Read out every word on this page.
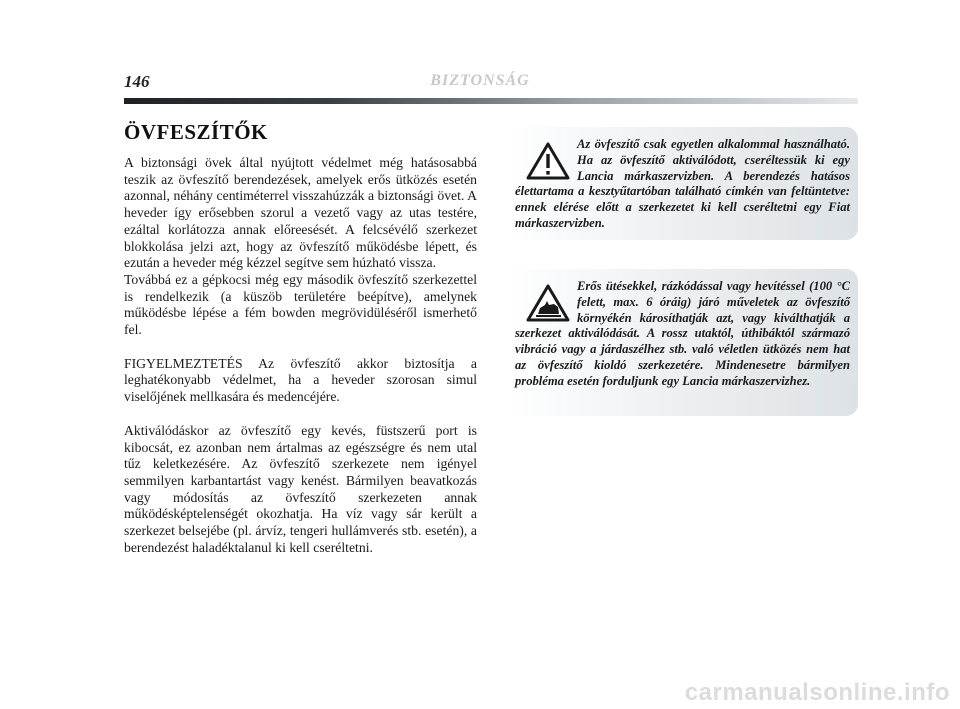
146	BIZTONSÁG
ÖVFESZÍTŐK

A biztonsági övek által nyújtott védelmet még hatásosabbá teszik az övfeszítő berendezések, amelyek erős ütközés esetén azonnal, néhány centiméterrel visszahúzzák a biztonsági övet. A heveder így erősebben szorul a vezető vagy az utas testére, ezáltal korlátozza annak előreesését. A felcsévélő szerkezet blokkolása jelzi azt, hogy az övfeszítő működésbe lépett, és ezután a heveder még kézzel segítve sem húzható vissza.

Továbbá ez a gépkocsi még egy második övfeszítő szerkezettel is rendelkezik (a küszöb területére beépítve), amelynek működésbe lépése a fém bowden megrövidüléséről ismerhető fel.

FIGYELMEZTETÉS Az övfeszítő akkor biztosítja a leghatékonyabb védelmet, ha a heveder szorosan simul viselőjének mellkasára és medencéjére.

Aktiválódáskor az övfeszítő egy kevés, füstszerű port is kibocsát, ez azonban nem ártalmas az egészségre és nem utal tűz keletkezésére. Az övfeszítő szerkezete nem igényel semmilyen karbantartást vagy kenést. Bármilyen beavatkozás vagy módosítás az övfeszítő szerkezeten annak működésképtelenségét okozhatja. Ha víz vagy sár került a szerkezet belsejébe (pl. árvíz, tengeri hullámverés stb. esetén), a berendezést haladéktalanul ki kell cseréltetni.

Az övfeszítő csak egyetlen alkalommal használható. Ha az övfeszítő aktiválódott, cseréltessük ki egy Lancia márkaszervizben. A berendezés hatásos élettartama a kesztyűtartóban található címkén van feltüntetve: ennek elérése előtt a szerkezetet ki kell cseréltetni egy Fiat márkaszervizben.

Erős ütésekkel, rázkódással vagy hevítéssel (100 °C felett, max. 6 óráig) járó műveletek az övfeszítő környékén károsíthatják azt, vagy kiválthatják a szerkezet aktiválódását. A rossz utaktól, úthibáktól származó vibráció vagy a járdaszélhez stb. való véletlen ütközés nem hat az övfeszítő kioldó szerkezetére. Mindenesetre bármilyen probléma esetén forduljunk egy Lancia márkaszervizhez.

carmanualsonline.info
